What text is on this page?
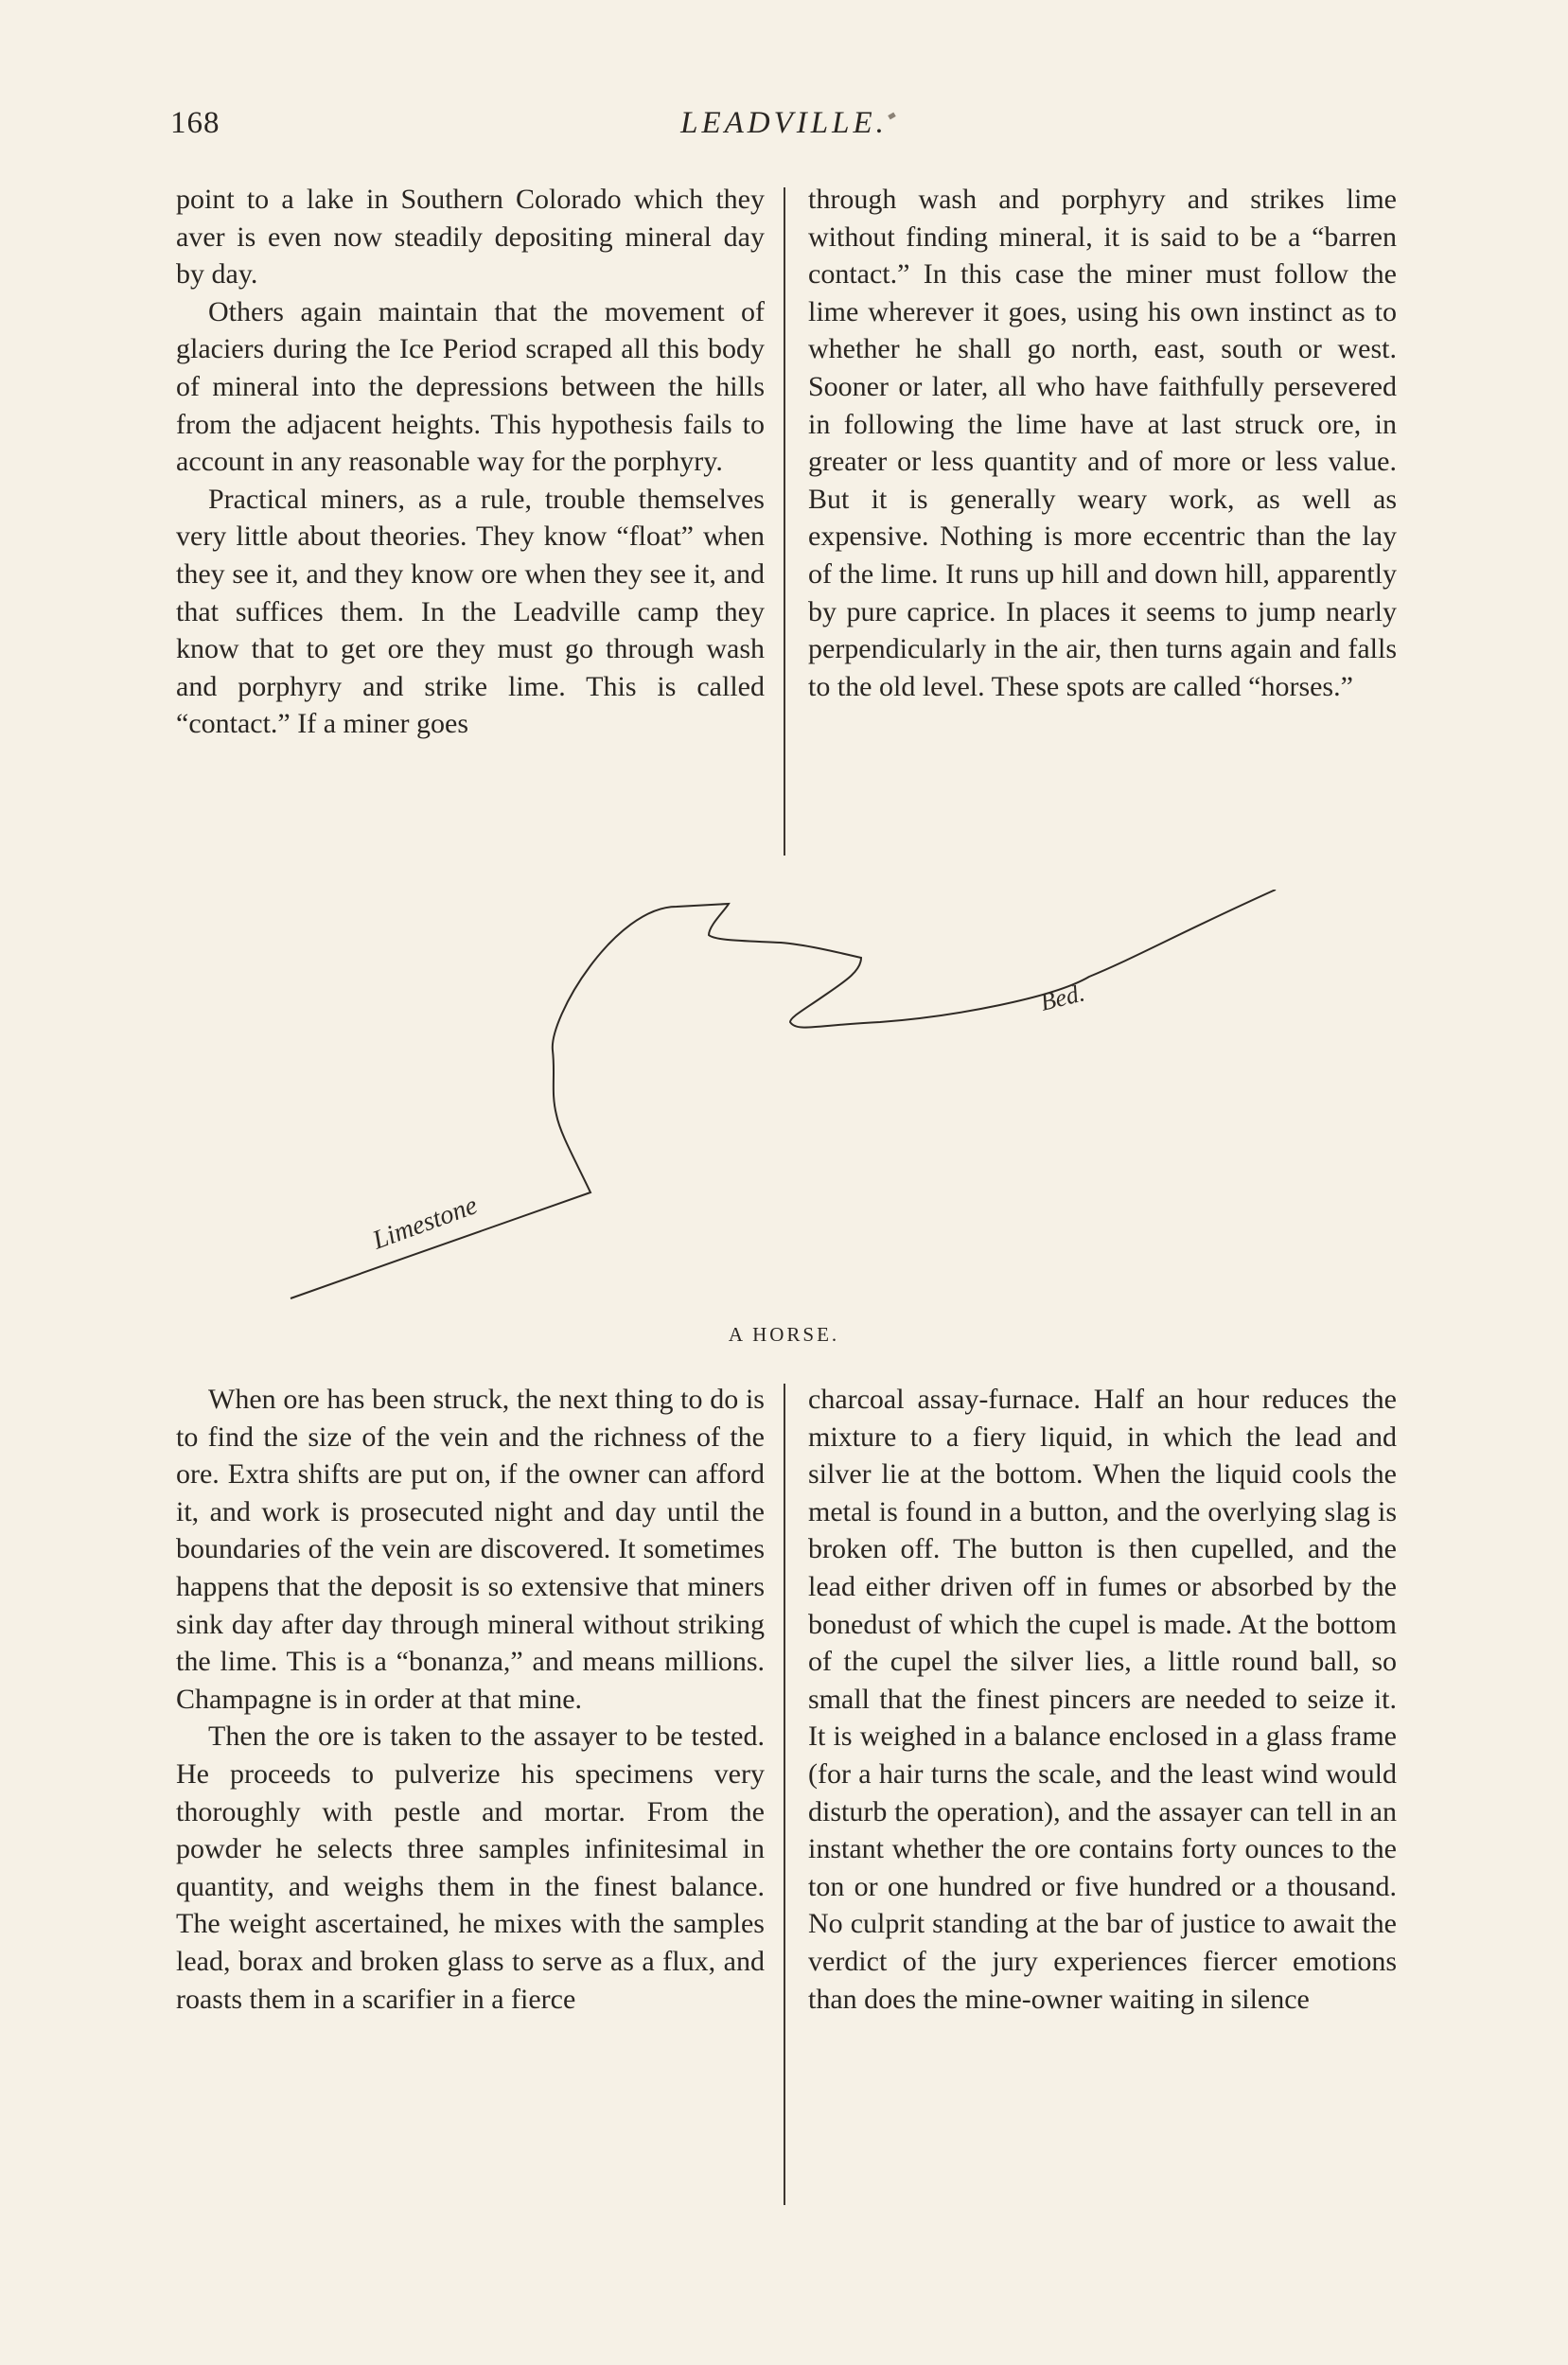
168	LEADVILLE.

point to a lake in Southern Colorado which they aver is even now steadily depositing mineral day by day.

Others again maintain that the movement of glaciers during the Ice Period scraped all this body of mineral into the depressions between the hills from the adjacent heights. This hypothesis fails to account in any reasonable way for the porphyry.

Practical miners, as a rule, trouble themselves very little about theories. They know “float” when they see it, and they know ore when they see it, and that suffices them. In the Leadville camp they know that to get ore they must go through wash and porphyry and strike lime. This is called “contact.” If a miner goes

through wash and porphyry and strikes lime without finding mineral, it is said to be a “barren contact.” In this case the miner must follow the lime wherever it goes, using his own instinct as to whether he shall go north, east, south or west. Sooner or later, all who have faithfully persevered in following the lime have at last struck ore, in greater or less quantity and of more or less value. But it is generally weary work, as well as expensive. Nothing is more eccentric than the lay of the lime. It runs up hill and down hill, apparently by pure caprice. In places it seems to jump nearly perpendicularly in the air, then turns again and falls to the old level. These spots are called “horses.”

Limestone
Bed.
A HORSE.

When ore has been struck, the next thing to do is to find the size of the vein and the richness of the ore. Extra shifts are put on, if the owner can afford it, and work is prosecuted night and day until the boundaries of the vein are discovered. It sometimes happens that the deposit is so extensive that miners sink day after day through mineral without striking the lime. This is a “bonanza,” and means millions. Champagne is in order at that mine.

Then the ore is taken to the assayer to be tested. He proceeds to pulverize his specimens very thoroughly with pestle and mortar. From the powder he selects three samples infinitesimal in quantity, and weighs them in the finest balance. The weight ascertained, he mixes with the samples lead, borax and broken glass to serve as a flux, and roasts them in a scarifier in a fierce

charcoal assay-furnace. Half an hour reduces the mixture to a fiery liquid, in which the lead and silver lie at the bottom. When the liquid cools the metal is found in a button, and the overlying slag is broken off. The button is then cupelled, and the lead either driven off in fumes or absorbed by the bonedust of which the cupel is made. At the bottom of the cupel the silver lies, a little round ball, so small that the finest pincers are needed to seize it. It is weighed in a balance enclosed in a glass frame (for a hair turns the scale, and the least wind would disturb the operation), and the assayer can tell in an instant whether the ore contains forty ounces to the ton or one hundred or five hundred or a thousand. No culprit standing at the bar of justice to await the verdict of the jury experiences fiercer emotions than does the mine-owner waiting in silence
